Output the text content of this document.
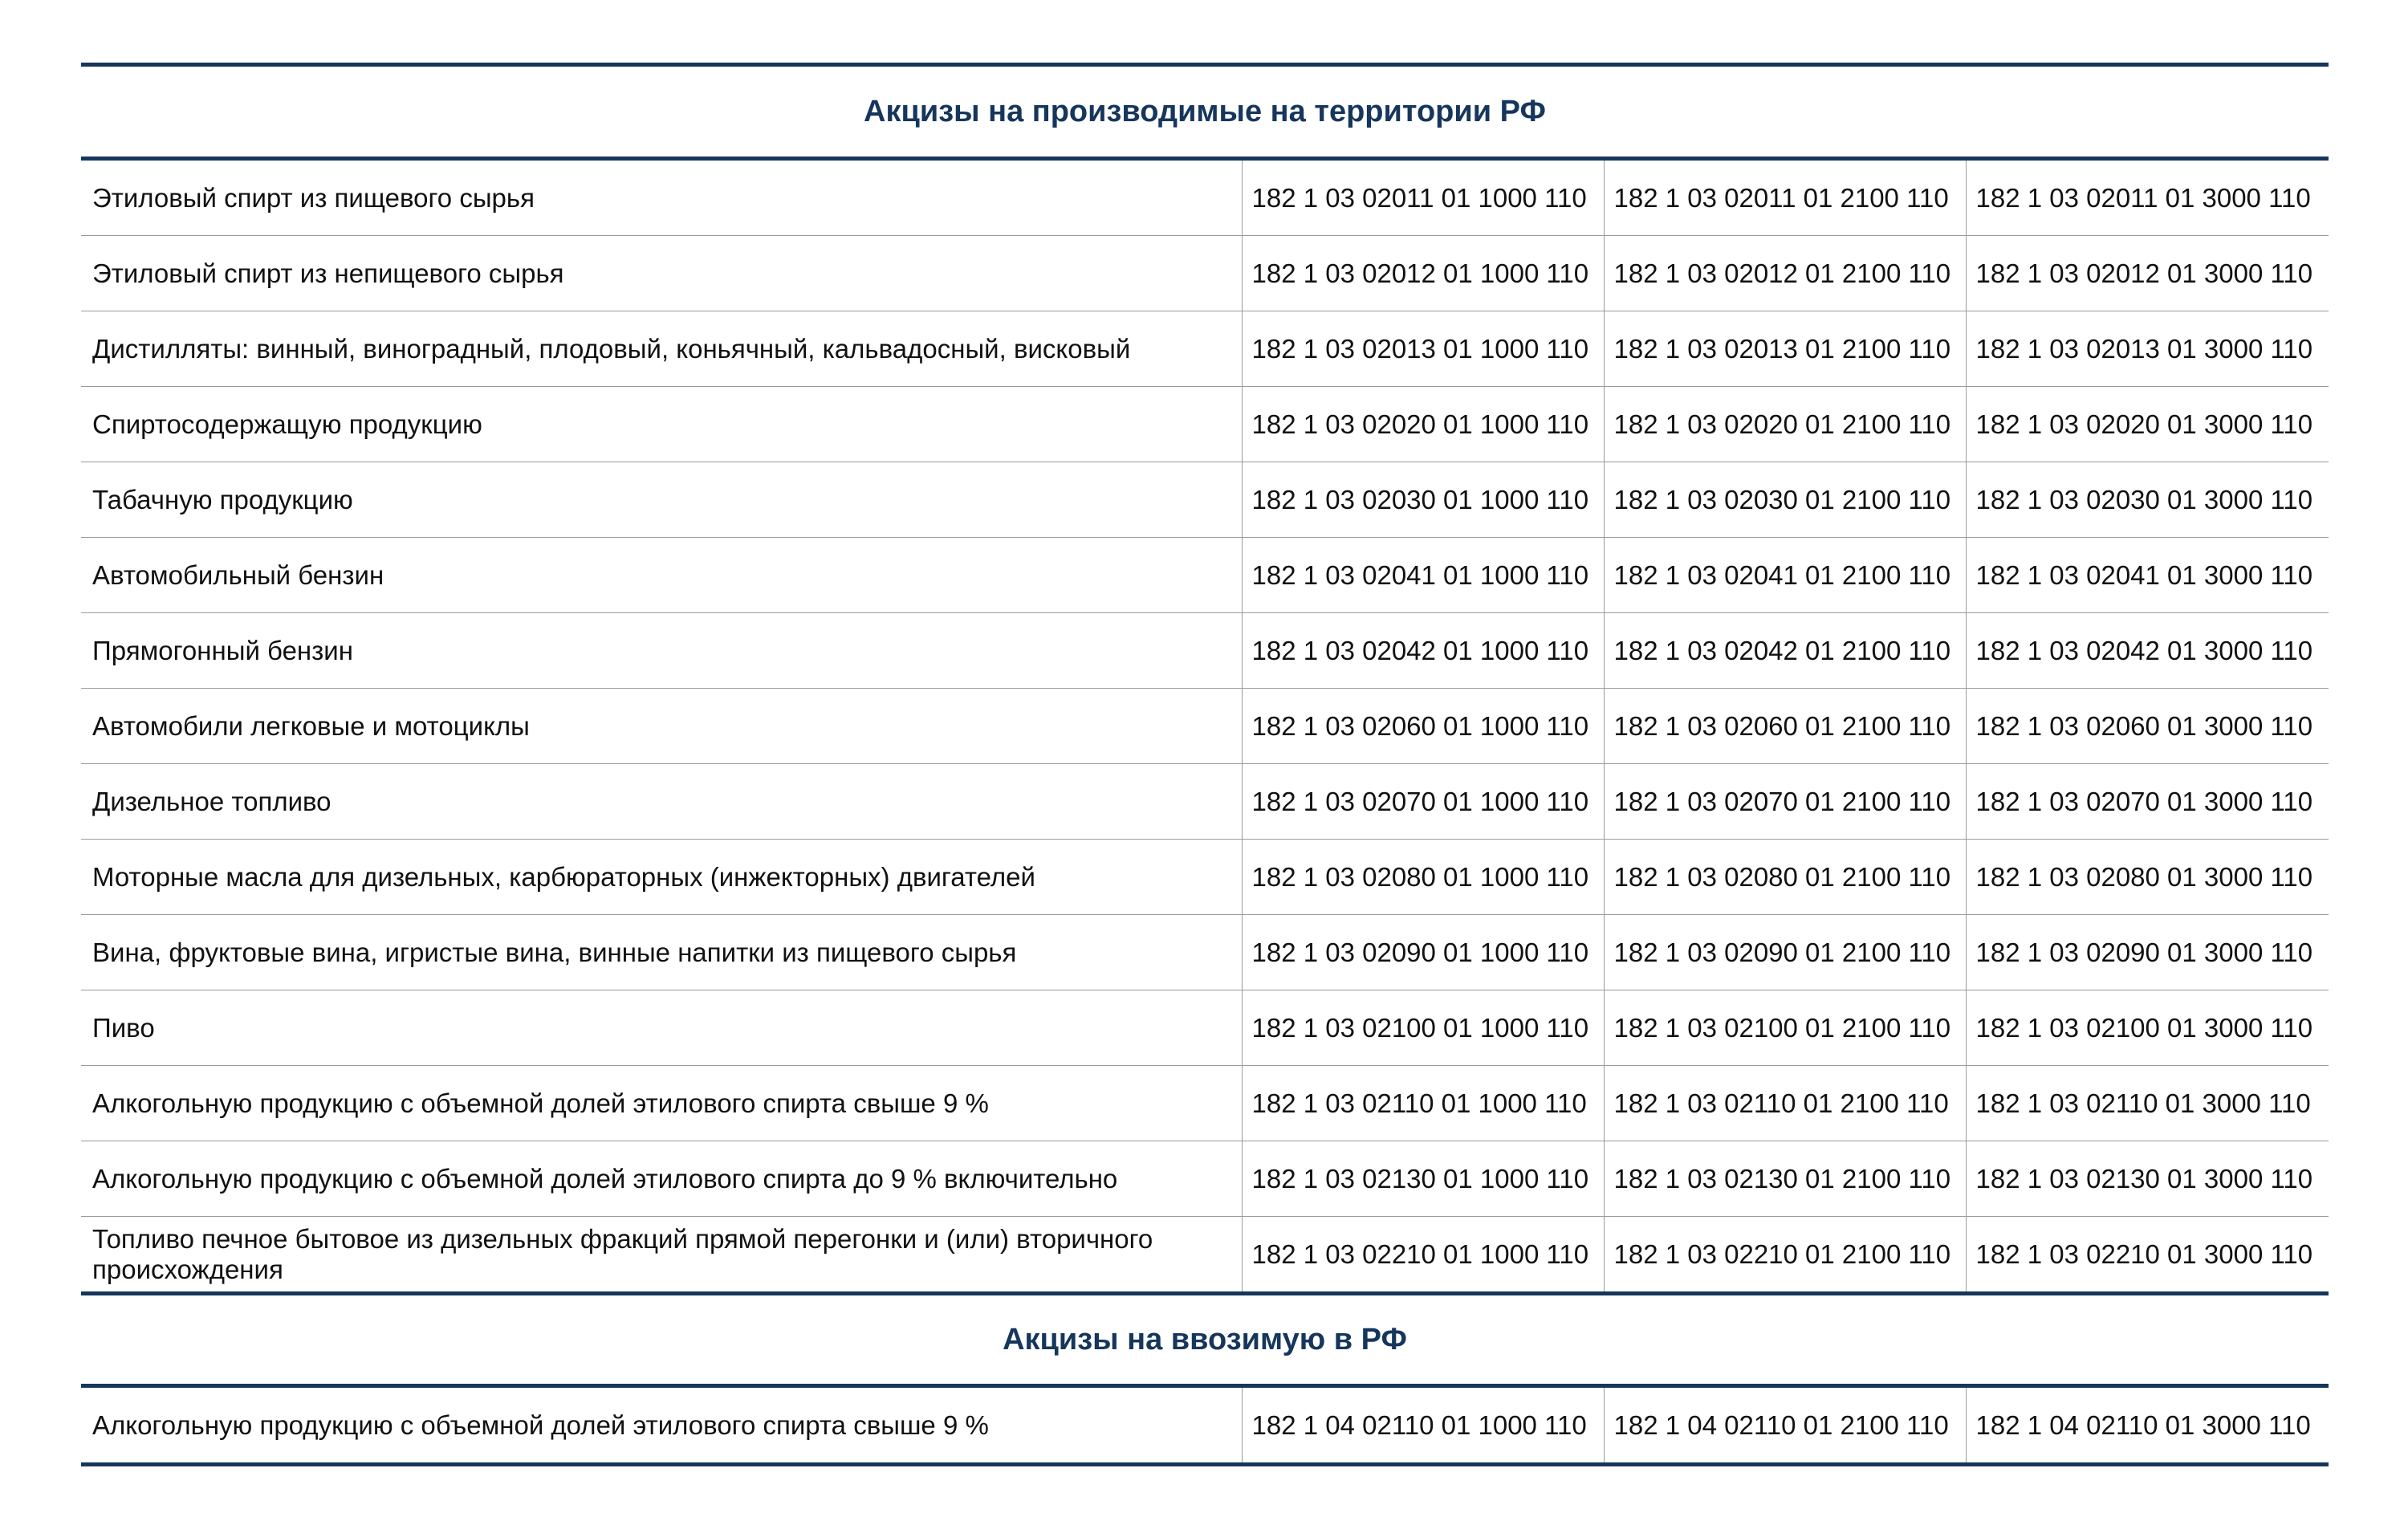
Акцизы на производимые на территории РФ
Этиловый спирт из пищевого сырья	182 1 03 02011 01 1000 110	182 1 03 02011 01 2100 110	182 1 03 02011 01 3000 110
Этиловый спирт из непищевого сырья	182 1 03 02012 01 1000 110	182 1 03 02012 01 2100 110	182 1 03 02012 01 3000 110
Дистилляты: винный, виноградный, плодовый, коньячный, кальвадосный, висковый	182 1 03 02013 01 1000 110	182 1 03 02013 01 2100 110	182 1 03 02013 01 3000 110
Спиртосодержащую продукцию	182 1 03 02020 01 1000 110	182 1 03 02020 01 2100 110	182 1 03 02020 01 3000 110
Табачную продукцию	182 1 03 02030 01 1000 110	182 1 03 02030 01 2100 110	182 1 03 02030 01 3000 110
Автомобильный бензин	182 1 03 02041 01 1000 110	182 1 03 02041 01 2100 110	182 1 03 02041 01 3000 110
Прямогонный бензин	182 1 03 02042 01 1000 110	182 1 03 02042 01 2100 110	182 1 03 02042 01 3000 110
Автомобили легковые и мотоциклы	182 1 03 02060 01 1000 110	182 1 03 02060 01 2100 110	182 1 03 02060 01 3000 110
Дизельное топливо	182 1 03 02070 01 1000 110	182 1 03 02070 01 2100 110	182 1 03 02070 01 3000 110
Моторные масла для дизельных, карбюраторных (инжекторных) двигателей	182 1 03 02080 01 1000 110	182 1 03 02080 01 2100 110	182 1 03 02080 01 3000 110
Вина, фруктовые вина, игристые вина, винные напитки из пищевого сырья	182 1 03 02090 01 1000 110	182 1 03 02090 01 2100 110	182 1 03 02090 01 3000 110
Пиво	182 1 03 02100 01 1000 110	182 1 03 02100 01 2100 110	182 1 03 02100 01 3000 110
Алкогольную продукцию с объемной долей этилового спирта свыше 9 %	182 1 03 02110 01 1000 110	182 1 03 02110 01 2100 110	182 1 03 02110 01 3000 110
Алкогольную продукцию с объемной долей этилового спирта до 9 % включительно	182 1 03 02130 01 1000 110	182 1 03 02130 01 2100 110	182 1 03 02130 01 3000 110
Топливо печное бытовое из дизельных фракций прямой перегонки и (или) вторичного происхождения	182 1 03 02210 01 1000 110	182 1 03 02210 01 2100 110	182 1 03 02210 01 3000 110
Акцизы на ввозимую в РФ
Алкогольную продукцию с объемной долей этилового спирта свыше 9 %	182 1 04 02110 01 1000 110	182 1 04 02110 01 2100 110	182 1 04 02110 01 3000 110
